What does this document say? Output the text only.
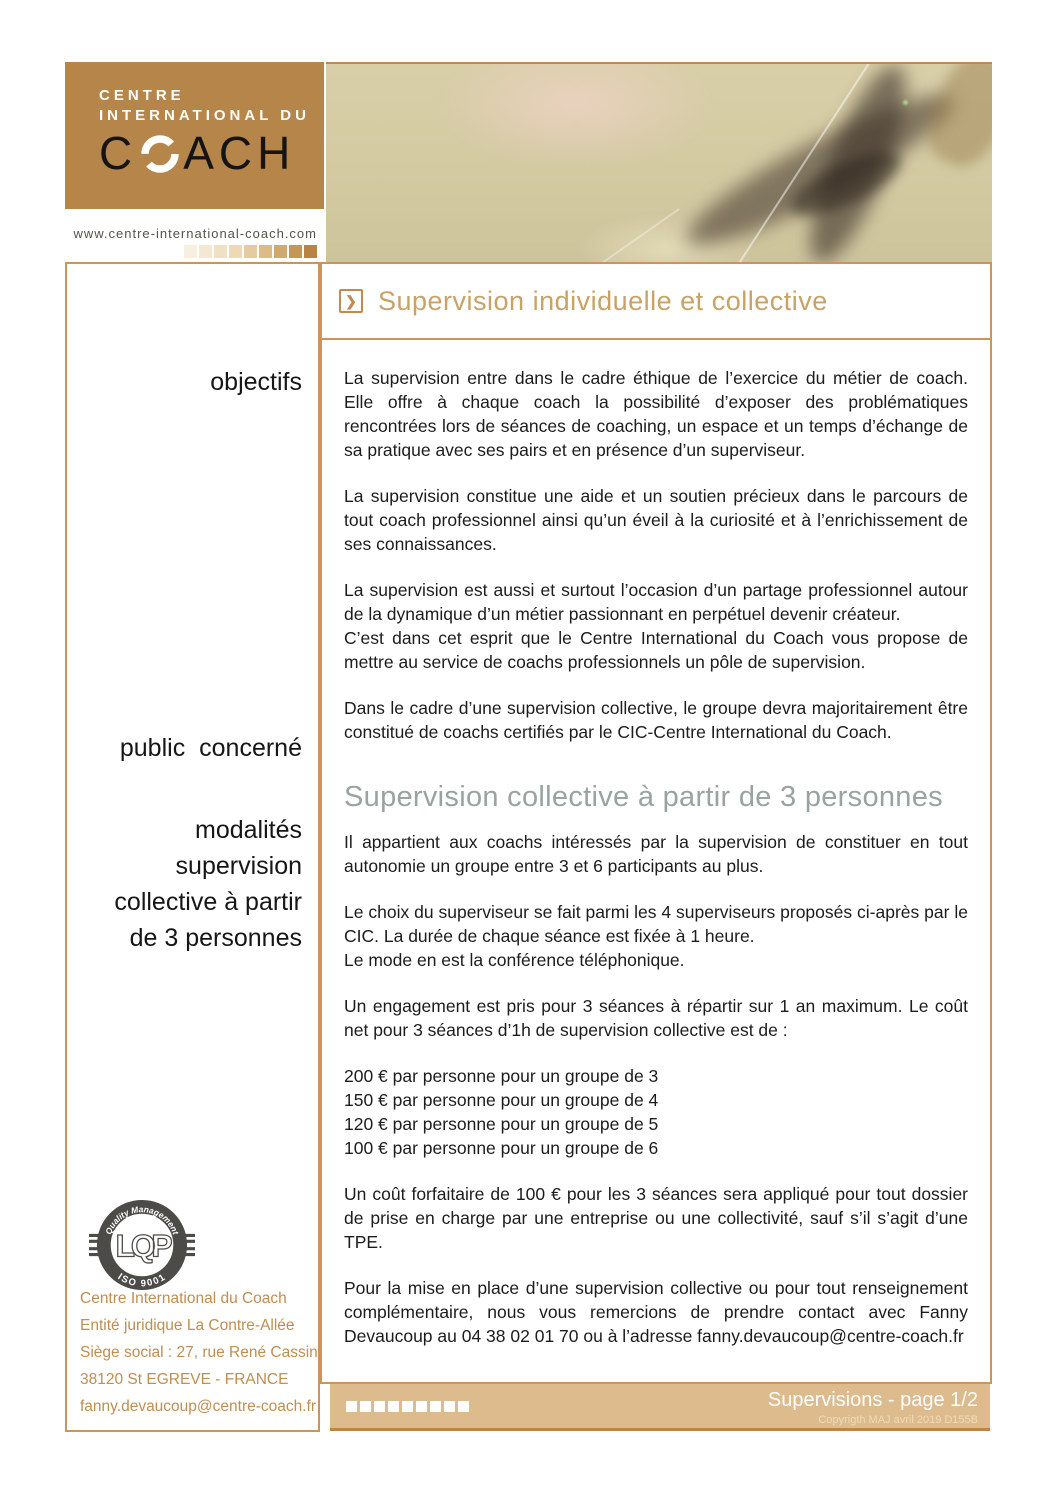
CENTRE
INTERNATIONAL DU
C ACH
www.centre-international-coach.com
objectifs
public concerné
modalités
supervision
collective à partir
de 3 personnes
Quality Management
ISO 9001
LQP
Centre International du Coach
Entité juridique La Contre-Allée
Siège social : 27, rue René Cassin
38120 St EGREVE - FRANCE
fanny.devaucoup@centre-coach.fr
❯ Supervision individuelle et collective

La supervision entre dans le cadre éthique de l’exercice du métier de coach. Elle offre à chaque coach la possibilité d’exposer des problématiques rencontrées lors de séances de coaching, un espace et un temps d’échange de sa pratique avec ses pairs et en présence d’un superviseur.

La supervision constitue une aide et un soutien précieux dans le parcours de tout coach professionnel ainsi qu’un éveil à la curiosité et à l’enrichissement de ses connaissances.

La supervision est aussi et surtout l’occasion d’un partage professionnel autour de la dynamique d’un métier passionnant en perpétuel devenir créateur.

C’est dans cet esprit que le Centre International du Coach vous propose de mettre au service de coachs professionnels un pôle de supervision.

Dans le cadre d’une supervision collective, le groupe devra majoritairement être constitué de coachs certifiés par le CIC-Centre International du Coach.

Supervision collective à partir de 3 personnes

Il appartient aux coachs intéressés par la supervision de constituer en tout autonomie un groupe entre 3 et 6 participants au plus.

Le choix du superviseur se fait parmi les 4 superviseurs proposés ci-après par le CIC. La durée de chaque séance est fixée à 1 heure.

Le mode en est la conférence téléphonique.

Un engagement est pris pour 3 séances à répartir sur 1 an maximum. Le coût net pour 3 séances d’1h de supervision collective est de :

200 € par personne pour un groupe de 3
150 € par personne pour un groupe de 4
120 € par personne pour un groupe de 5
100 € par personne pour un groupe de 6

Un coût forfaitaire de 100 € pour les 3 séances sera appliqué pour tout dossier de prise en charge par une entreprise ou une collectivité, sauf s’il s’agit d’une TPE.

Pour la mise en place d’une supervision collective ou pour tout renseignement complémentaire, nous vous remercions de prendre contact avec Fanny Devaucoup au 04 38 02 01 70 ou à l’adresse fanny.devaucoup@centre-coach.fr

Supervisions - page 1/2
Copyrigth MAJ avril 2019 D155B
